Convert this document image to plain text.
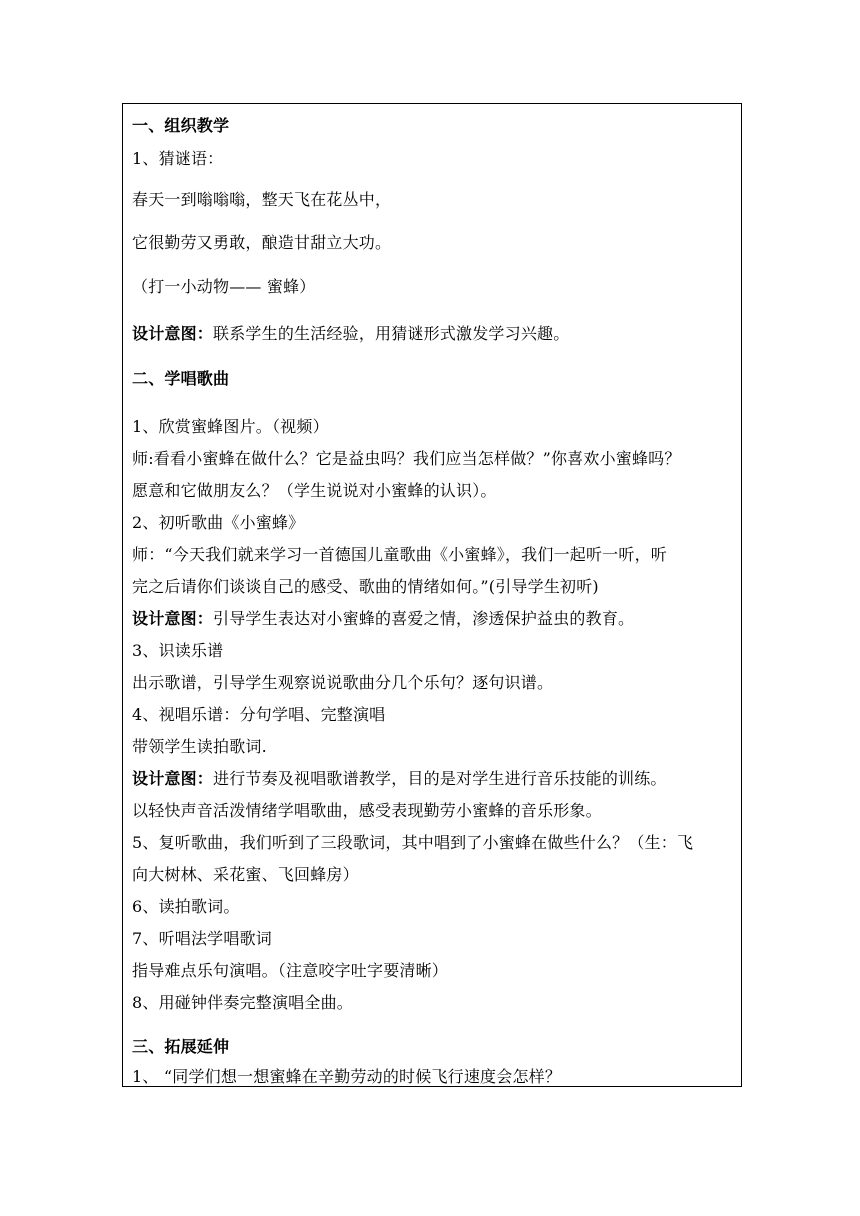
一、组织教学
1、猜谜语：
春天一到嗡嗡嗡，整天飞在花丛中，
它很勤劳又勇敢，酿造甘甜立大功。
（打一小动物—— 蜜蜂）
设计意图：联系学生的生活经验，用猜谜形式激发学习兴趣。
二、学唱歌曲
1、欣赏蜜蜂图片。（视频）
师:看看小蜜蜂在做什么？它是益虫吗？我们应当怎样做？”你喜欢小蜜蜂吗？
愿意和它做朋友么？（学生说说对小蜜蜂的认识）。
2、初听歌曲《小蜜蜂》
师：“今天我们就来学习一首德国儿童歌曲《小蜜蜂》，我们一起听一听，听
完之后请你们谈谈自己的感受、歌曲的情绪如何。”(引导学生初听)
设计意图：引导学生表达对小蜜蜂的喜爱之情，渗透保护益虫的教育。
3、识读乐谱
出示歌谱，引导学生观察说说歌曲分几个乐句？逐句识谱。
4、视唱乐谱：分句学唱、完整演唱
带领学生读拍歌词.
设计意图：进行节奏及视唱歌谱教学，目的是对学生进行音乐技能的训练。
以轻快声音活泼情绪学唱歌曲，感受表现勤劳小蜜蜂的音乐形象。
5、复听歌曲，我们听到了三段歌词，其中唱到了小蜜蜂在做些什么？（生：飞
向大树林、采花蜜、飞回蜂房）
6、读拍歌词。
7、听唱法学唱歌词
指导难点乐句演唱。（注意咬字吐字要清晰）
8、用碰钟伴奏完整演唱全曲。
三、拓展延伸
1、 “同学们想一想蜜蜂在辛勤劳动的时候飞行速度会怎样？
